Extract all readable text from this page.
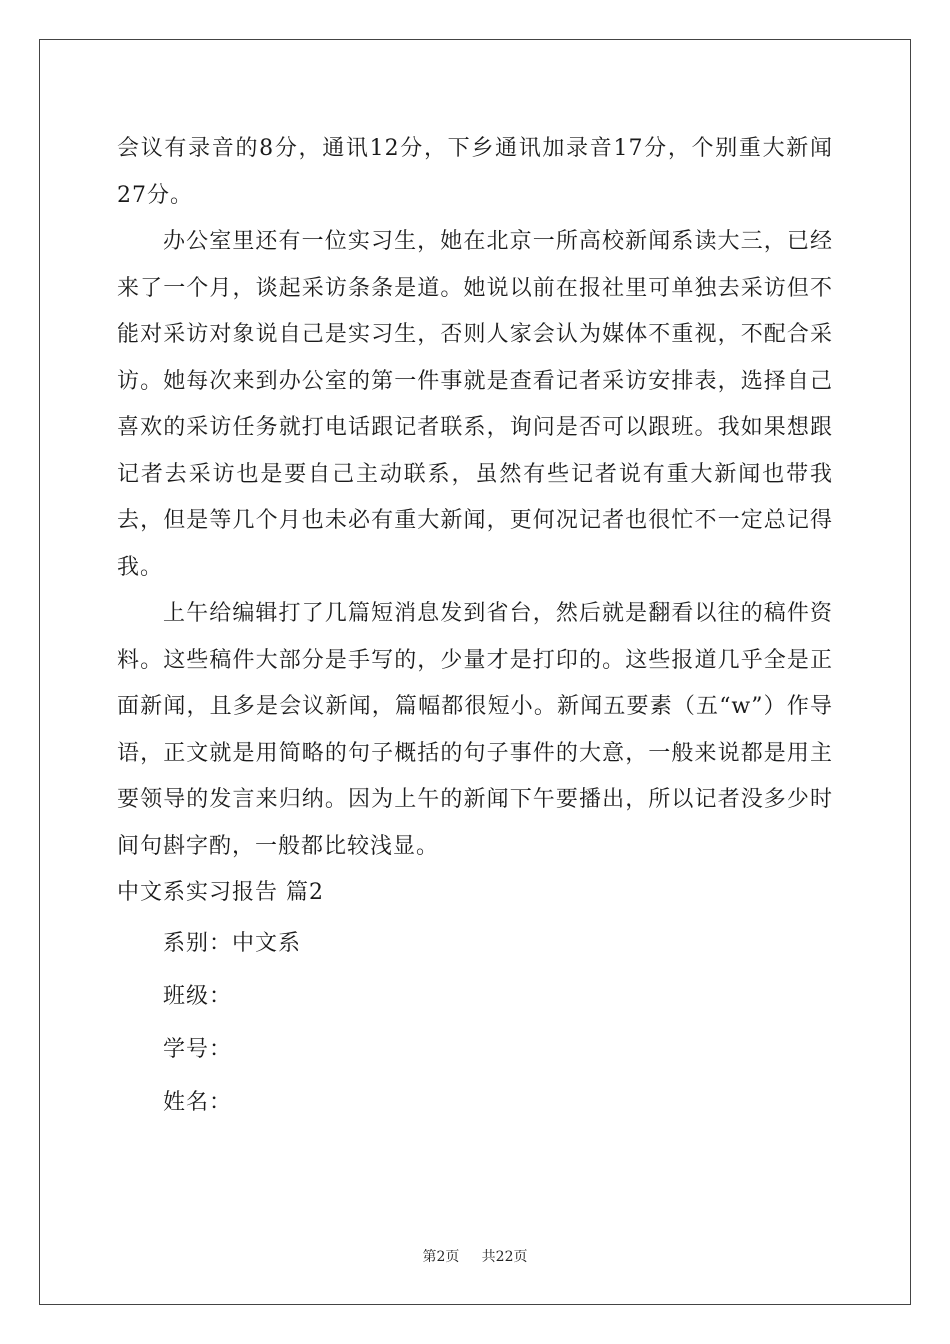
会议有录音的8分，通讯12分，下乡通讯加录音17分，个别重大新闻27分。

办公室里还有一位实习生，她在北京一所高校新闻系读大三，已经来了一个月，谈起采访条条是道。她说以前在报社里可单独去采访但不能对采访对象说自己是实习生，否则人家会认为媒体不重视，不配合采访。她每次来到办公室的第一件事就是查看记者采访安排表，选择自己喜欢的采访任务就打电话跟记者联系，询问是否可以跟班。我如果想跟记者去采访也是要自己主动联系，虽然有些记者说有重大新闻也带我去，但是等几个月也未必有重大新闻，更何况记者也很忙不一定总记得我。

上午给编辑打了几篇短消息发到省台，然后就是翻看以往的稿件资料。这些稿件大部分是手写的，少量才是打印的。这些报道几乎全是正面新闻，且多是会议新闻，篇幅都很短小。新闻五要素（五“w”）作导语，正文就是用简略的句子概括的句子事件的大意，一般来说都是用主要领导的发言来归纳。因为上午的新闻下午要播出，所以记者没多少时间句斟字酌，一般都比较浅显。

中文系实习报告 篇2

系别：中文系

班级：

学号：

姓名：

第2页 共22页
